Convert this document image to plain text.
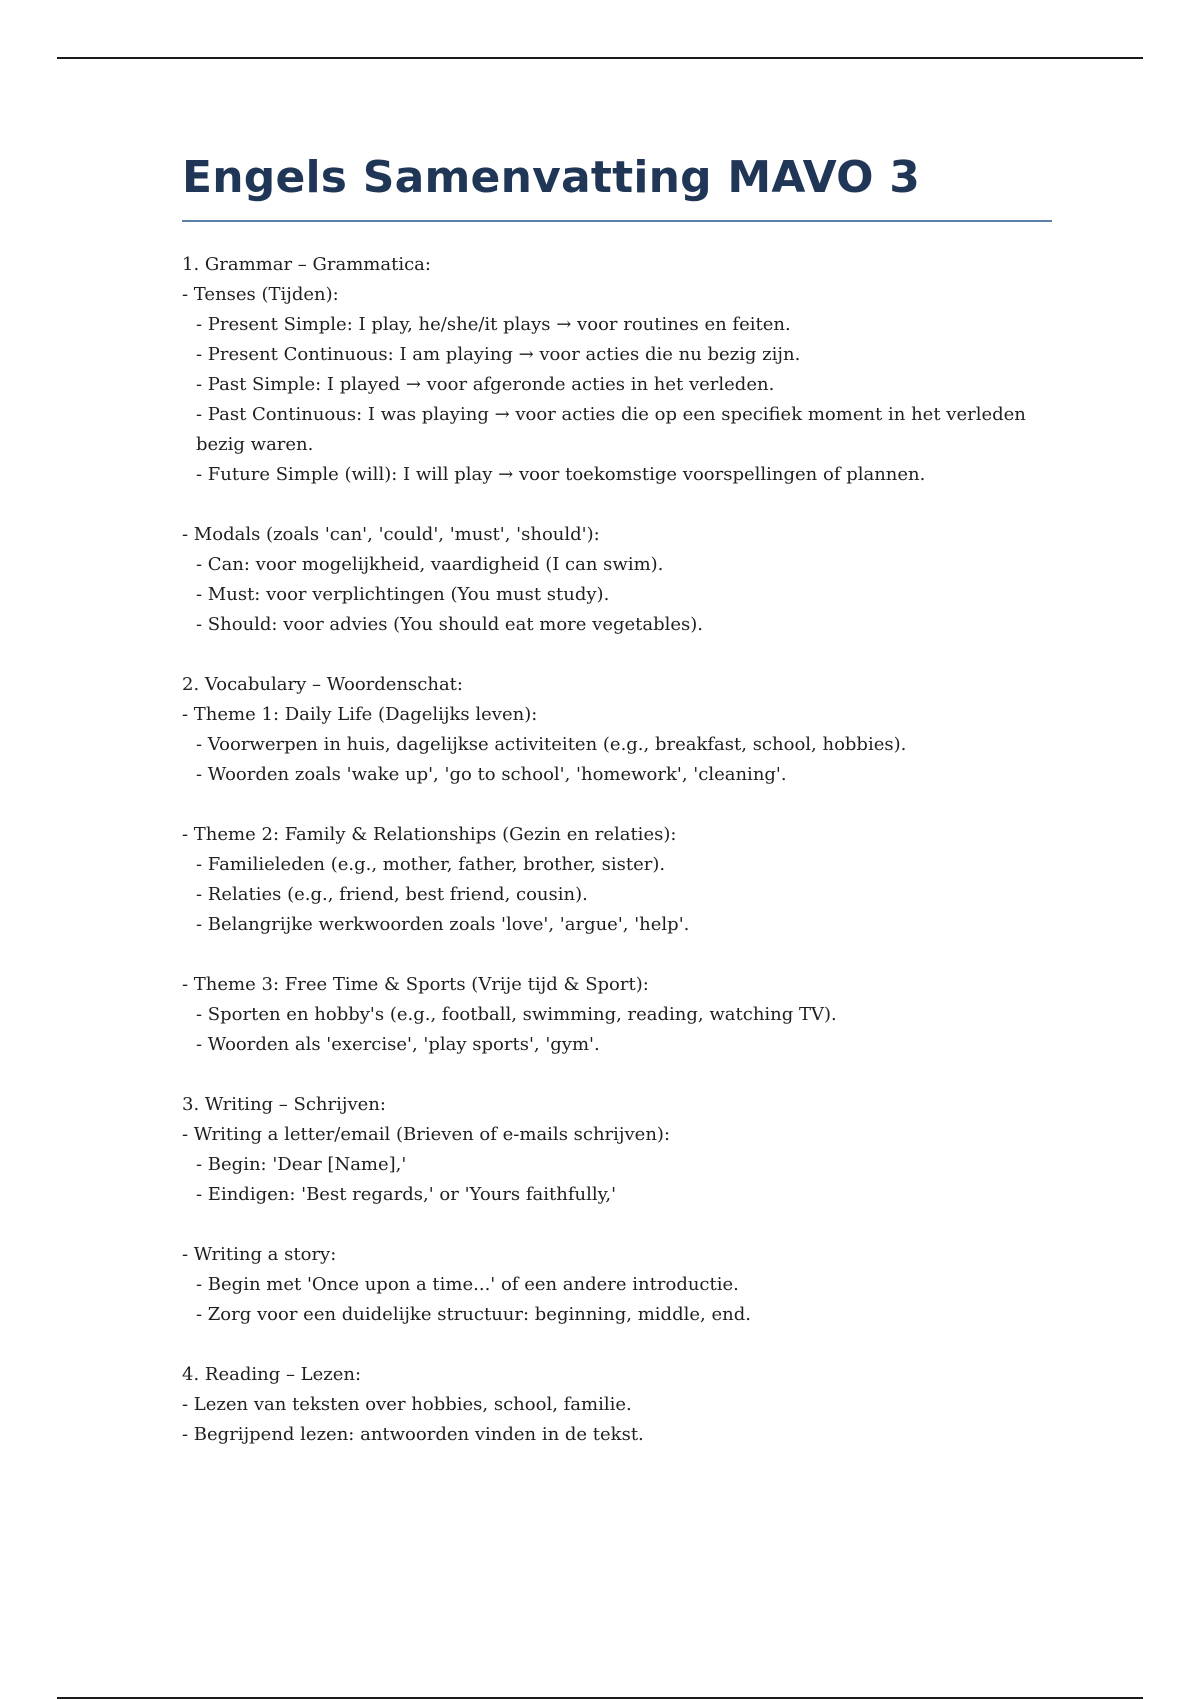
Engels Samenvatting MAVO 3
1. Grammar – Grammatica:
- Tenses (Tijden):
- Present Simple: I play, he/she/it plays → voor routines en feiten.
- Present Continuous: I am playing → voor acties die nu bezig zijn.
- Past Simple: I played → voor afgeronde acties in het verleden.
- Past Continuous: I was playing → voor acties die op een specifiek moment in het verleden bezig waren.
- Future Simple (will): I will play → voor toekomstige voorspellingen of plannen.
- Modals (zoals 'can', 'could', 'must', 'should'):
- Can: voor mogelijkheid, vaardigheid (I can swim).
- Must: voor verplichtingen (You must study).
- Should: voor advies (You should eat more vegetables).
2. Vocabulary – Woordenschat:
- Theme 1: Daily Life (Dagelijks leven):
- Voorwerpen in huis, dagelijkse activiteiten (e.g., breakfast, school, hobbies).
- Woorden zoals 'wake up', 'go to school', 'homework', 'cleaning'.
- Theme 2: Family & Relationships (Gezin en relaties):
- Familieleden (e.g., mother, father, brother, sister).
- Relaties (e.g., friend, best friend, cousin).
- Belangrijke werkwoorden zoals 'love', 'argue', 'help'.
- Theme 3: Free Time & Sports (Vrije tijd & Sport):
- Sporten en hobby's (e.g., football, swimming, reading, watching TV).
- Woorden als 'exercise', 'play sports', 'gym'.
3. Writing – Schrijven:
- Writing a letter/email (Brieven of e-mails schrijven):
- Begin: 'Dear [Name],'
- Eindigen: 'Best regards,' or 'Yours faithfully,'
- Writing a story:
- Begin met 'Once upon a time...' of een andere introductie.
- Zorg voor een duidelijke structuur: beginning, middle, end.
4. Reading – Lezen:
- Lezen van teksten over hobbies, school, familie.
- Begrijpend lezen: antwoorden vinden in de tekst.
